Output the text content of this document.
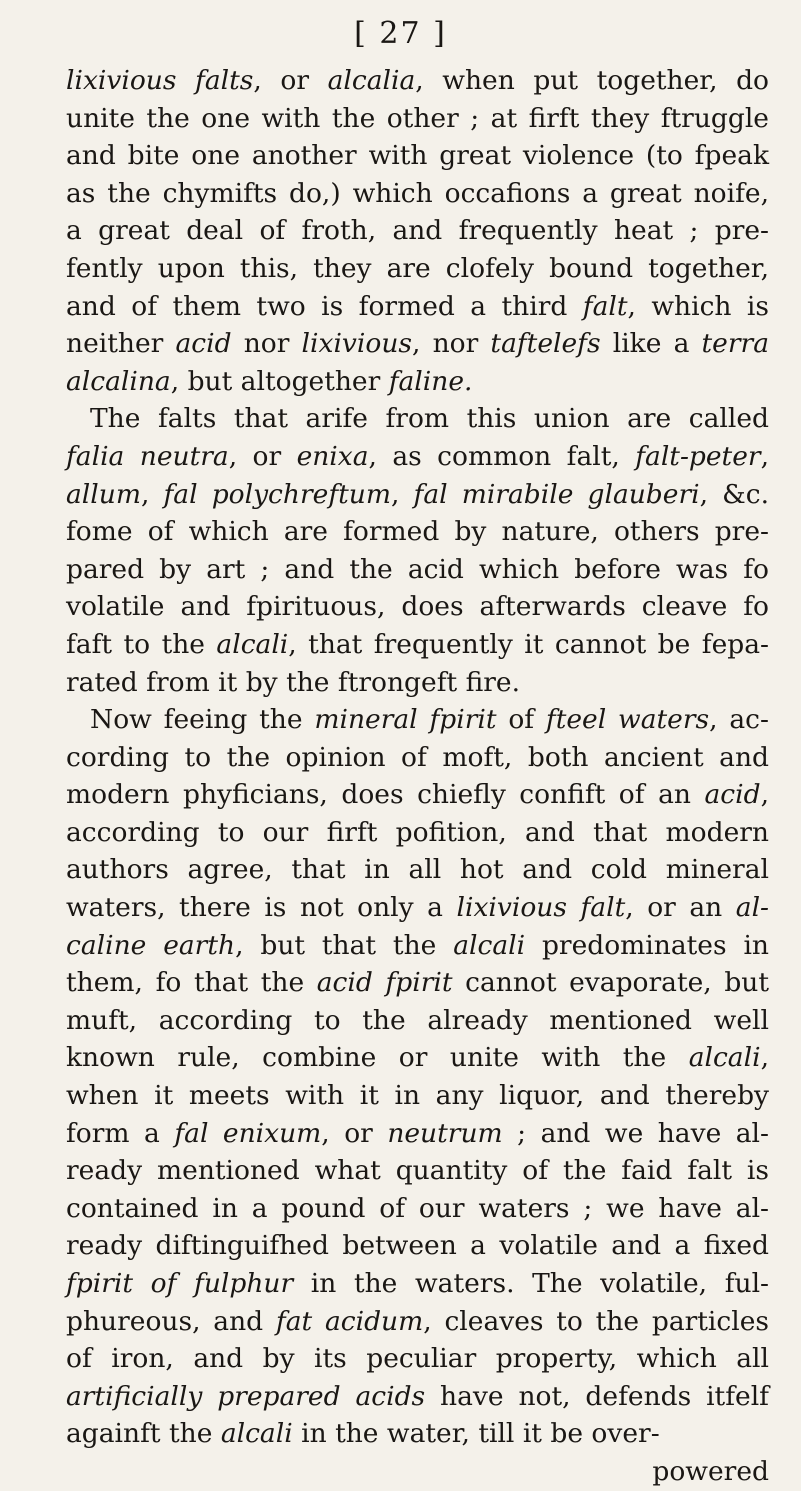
[ 27 ]
lixivious falts, or alcalia, when put together, do
unite the one with the other ; at firft they ftruggle
and bite one another with great violence (to fpeak
as the chymifts do,) which occafions a great noife,
a great deal of froth, and frequently heat ; pre-
fently upon this, they are clofely bound together,
and of them two is formed a third falt, which is
neither acid nor lixivious, nor taftelefs like a terra
alcalina, but altogether faline.
The falts that arife from this union are called
falia neutra, or enixa, as common falt, falt-peter,
allum, fal polychreftum, fal mirabile glauberi, &c.
fome of which are formed by nature, others pre-
pared by art ; and the acid which before was fo
volatile and fpirituous, does afterwards cleave fo
faft to the alcali, that frequently it cannot be fepa-
rated from it by the ftrongeft fire.
Now feeing the mineral fpirit of fteel waters, ac-
cording to the opinion of moft, both ancient and
modern phyficians, does chiefly confift of an acid,
according to our firft pofition, and that modern
authors agree, that in all hot and cold mineral
waters, there is not only a lixivious falt, or an al-
caline earth, but that the alcali predominates in
them, fo that the acid fpirit cannot evaporate, but
muft, according to the already mentioned well
known rule, combine or unite with the alcali,
when it meets with it in any liquor, and thereby
form a fal enixum, or neutrum ; and we have al-
ready mentioned what quantity of the faid falt is
contained in a pound of our waters ; we have al-
ready diftinguifhed between a volatile and a fixed
fpirit of fulphur in the waters. The volatile, ful-
phureous, and fat acidum, cleaves to the particles
of iron, and by its peculiar property, which all
artificially prepared acids have not, defends itfelf
againft the alcali in the water, till it be over-
powered
